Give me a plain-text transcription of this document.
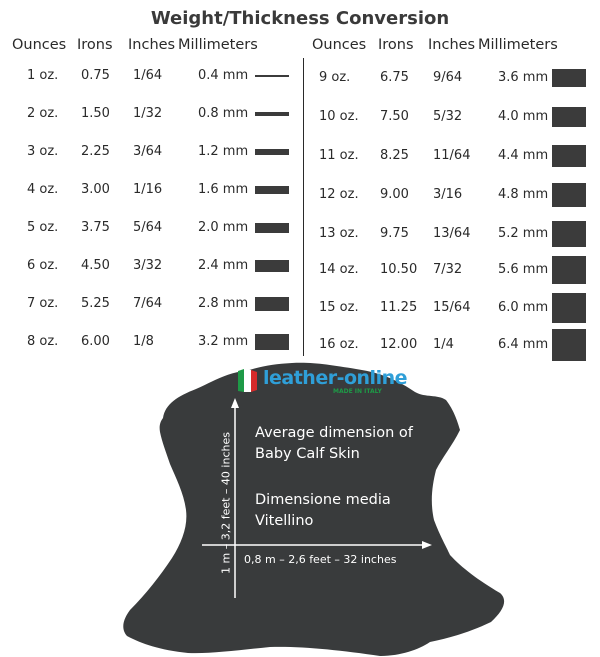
Weight/Thickness Conversion
Ounces Irons Inches Millimeters	Ounces Irons Inches Millimeters
1 oz. 0.75 1/64	0.4 mm
2 oz. 1.50 1/32	0.8 mm
3 oz. 2.25 3/64	1.2 mm
4 oz. 3.00 1/16	1.6 mm
5 oz. 3.75 5/64	2.0 mm
6 oz. 4.50 3/32	2.4 mm
7 oz. 5.25 7/64	2.8 mm
8 oz. 6.00 1/8	3.2 mm
9 oz. 6.75 9/64	3.6 mm
10 oz. 7.50 5/32	4.0 mm
11 oz. 8.25 11/64 4.4 mm
12 oz. 9.00 3/16	4.8 mm
13 oz. 9.75 13/64 5.2 mm
14 oz. 10.50 7/32	5.6 mm
15 oz. 11.25 15/64 6.0 mm
16 oz. 12.00 1/4	6.4 mm
leather-online
MADE IN ITALY
Average dimension of
Baby Calf Skin
Dimensione media
Vitellino
1 m – 3,2 feet – 40 inches 0,8 m – 2,6 feet – 32 inches
